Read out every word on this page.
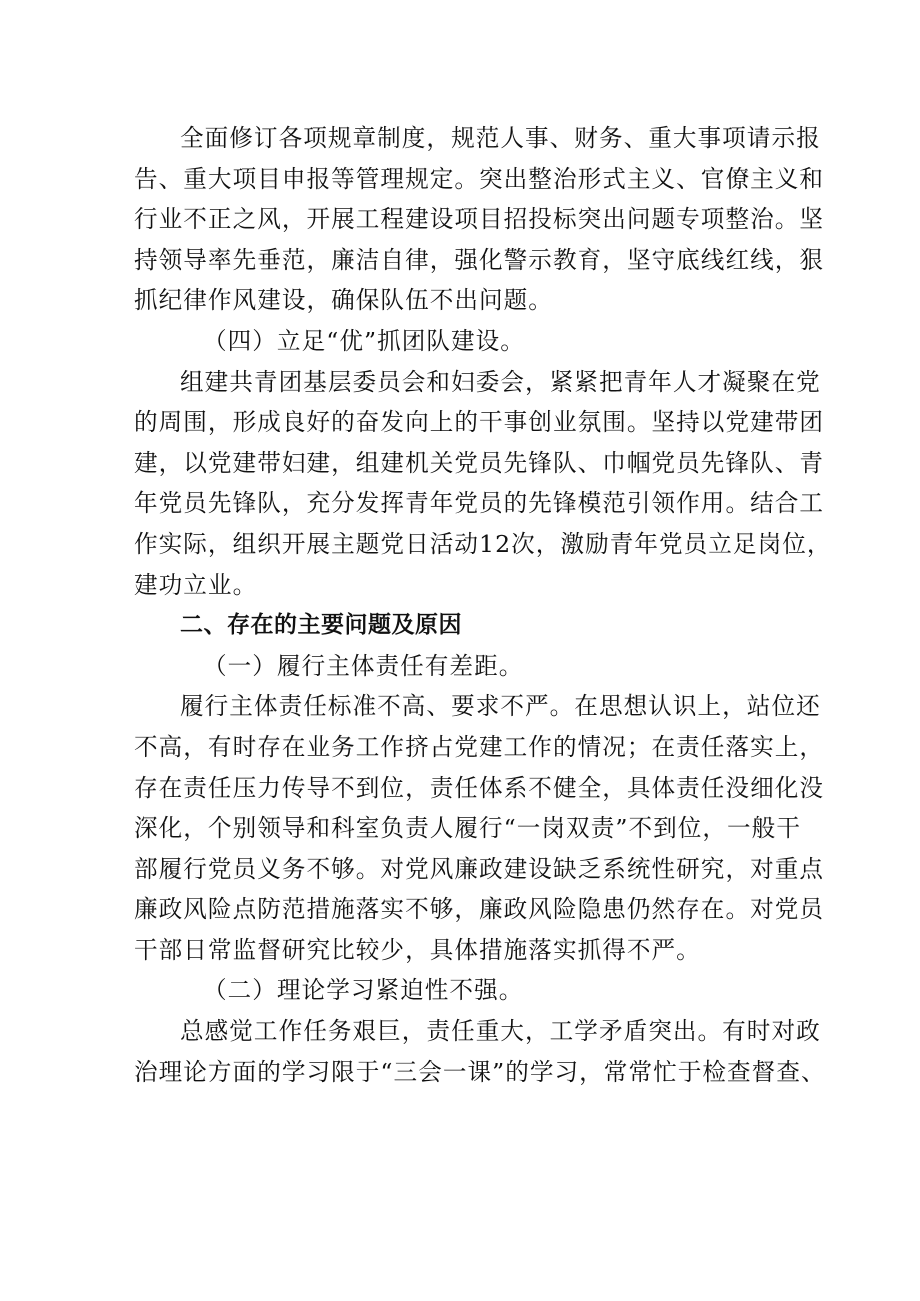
全面修订各项规章制度，规范人事、财务、重大事项请示报
告、重大项目申报等管理规定。突出整治形式主义、官僚主义和
行业不正之风，开展工程建设项目招投标突出问题专项整治。坚
持领导率先垂范，廉洁自律，强化警示教育，坚守底线红线，狠
抓纪律作风建设，确保队伍不出问题。
（四）立足“优”抓团队建设。
组建共青团基层委员会和妇委会，紧紧把青年人才凝聚在党
的周围，形成良好的奋发向上的干事创业氛围。坚持以党建带团
建，以党建带妇建，组建机关党员先锋队、巾帼党员先锋队、青
年党员先锋队，充分发挥青年党员的先锋模范引领作用。结合工
作实际，组织开展主题党日活动12次，激励青年党员立足岗位，
建功立业。
二、存在的主要问题及原因
（一）履行主体责任有差距。
履行主体责任标准不高、要求不严。在思想认识上，站位还
不高，有时存在业务工作挤占党建工作的情况；在责任落实上，
存在责任压力传导不到位，责任体系不健全，具体责任没细化没
深化，个别领导和科室负责人履行“一岗双责”不到位，一般干
部履行党员义务不够。对党风廉政建设缺乏系统性研究，对重点
廉政风险点防范措施落实不够，廉政风险隐患仍然存在。对党员
干部日常监督研究比较少，具体措施落实抓得不严。
（二）理论学习紧迫性不强。
总感觉工作任务艰巨，责任重大，工学矛盾突出。有时对政
治理论方面的学习限于“三会一课”的学习，常常忙于检查督查、
